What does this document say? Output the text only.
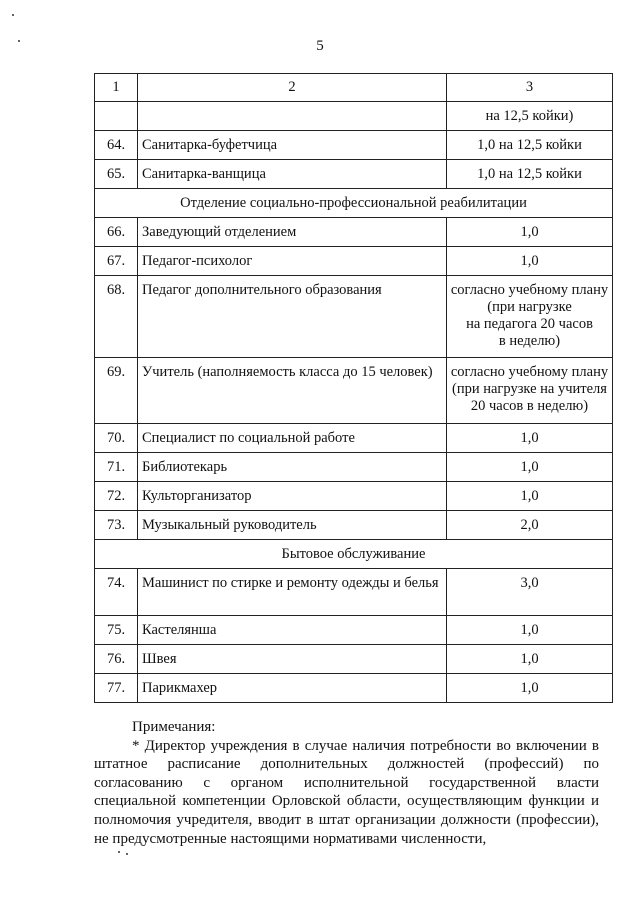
5
1	2	3
		на 12,5 койки)
64.	Санитарка-буфетчица	1,0 на 12,5 койки
65.	Санитарка-ванщица	1,0 на 12,5 койки
Отделение социально-профессиональной реабилитации		
66.	Заведующий отделением	1,0
67.	Педагог-психолог	1,0
68.	Педагог дополнительного образования	согласно учебному плану
(при нагрузке
на педагога 20 часов
в неделю)

69.	Учитель (наполняемость класса до 15 человек)	согласно учебному плану
(при нагрузке на учителя
20 часов в неделю)

70.	Специалист по социальной работе	1,0
71.	Библиотекарь	1,0
72.	Культорганизатор	1,0
73.	Музыкальный руководитель	2,0
Бытовое обслуживание		
74.	Машинист по стирке и ремонту одежды и белья	3,0
75.	Кастелянша	1,0
76.	Швея	1,0
77.	Парикмахер	1,0
Примечания:
* Директор учреждения в случае наличия потребности во включении в штатное расписание дополнительных должностей (профессий) по согласованию с органом исполнительной государственной власти специальной компетенции Орловской области, осуществляющим функции и полномочия учредителя, вводит в штат организации должности (профессии), не предусмотренные настоящими нормативами численности,
